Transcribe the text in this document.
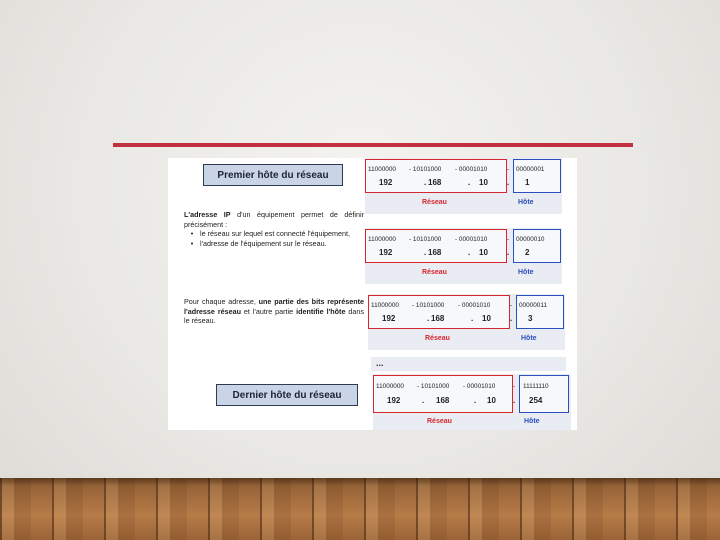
Premier hôte du réseau
L'adresse IP d'un équipement permet de définir précisément :
• le réseau sur lequel est connecté l'équipement,
• l'adresse de l'équipement sur le réseau.
Pour chaque adresse, une partie des bits représente l'adresse réseau et l'autre partie identifie l'hôte dans le réseau.
Dernier hôte du réseau
11000000 - 10101000 - 00001010	- 00000001
192	. 168	. 10 . 1
Réseau	Hôte
11000000 - 10101000 - 00001010	- 00000010
192	. 168	. 10 . 2
Réseau	Hôte
11000000 - 10101000 - 00001010	- 00000011
192	. 168	. 10 . 3
Réseau	Hôte
...
11000000 - 10101000 - 00001010	- 11111110
192	. 168	. 10 . 254
Réseau	Hôte
